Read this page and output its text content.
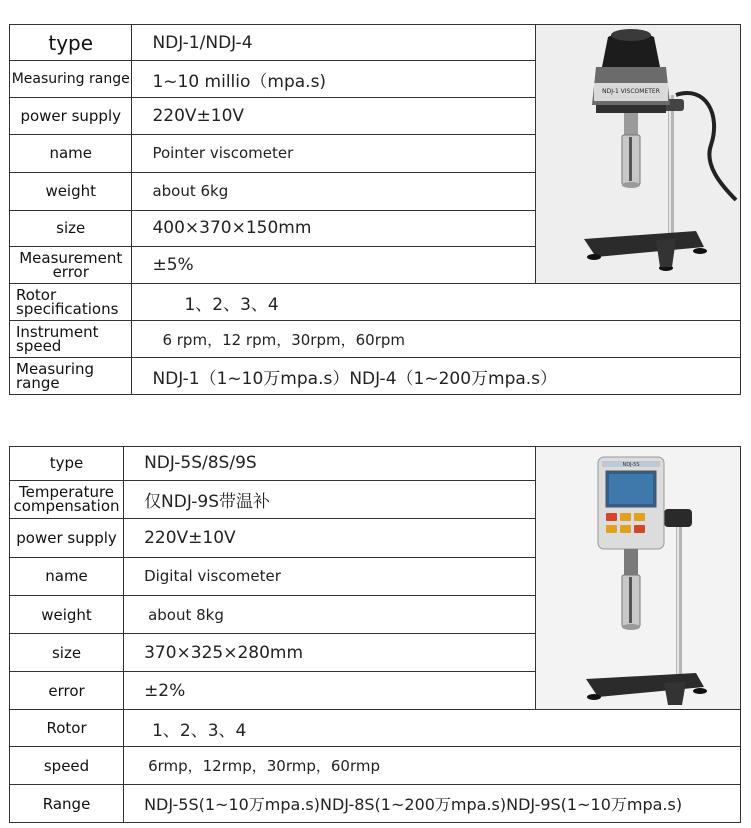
type	NDJ-1/NDJ-4	NDJ-1 VISCOMETER

Measuring range	1~10 millio（mpa.s)	
power supply	220V±10V	
name	Pointer viscometer	
weight	about 6kg	
size	400×370×150mm	
Measurement error	±5%	
Rotor specifications	1、2、3、4	
Instrument speed	6 rpm，12 rpm，30rpm，60rpm	
Measuring range	NDJ-1（1~10万mpa.s）NDJ-4（1~200万mpa.s）	
type	NDJ-5S/8S/9S	NDJ-5S

Temperature compensation	仅NDJ-9S带温补	
power supply	220V±10V	
name	Digital viscometer	
weight	about 8kg	
size	370×325×280mm	
error	±2%	
Rotor	1、2、3、4	
speed	6rmp，12rmp，30rmp，60rmp	
Range	NDJ-5S(1~10万mpa.s)NDJ-8S(1~200万mpa.s)NDJ-9S(1~10万mpa.s)	
